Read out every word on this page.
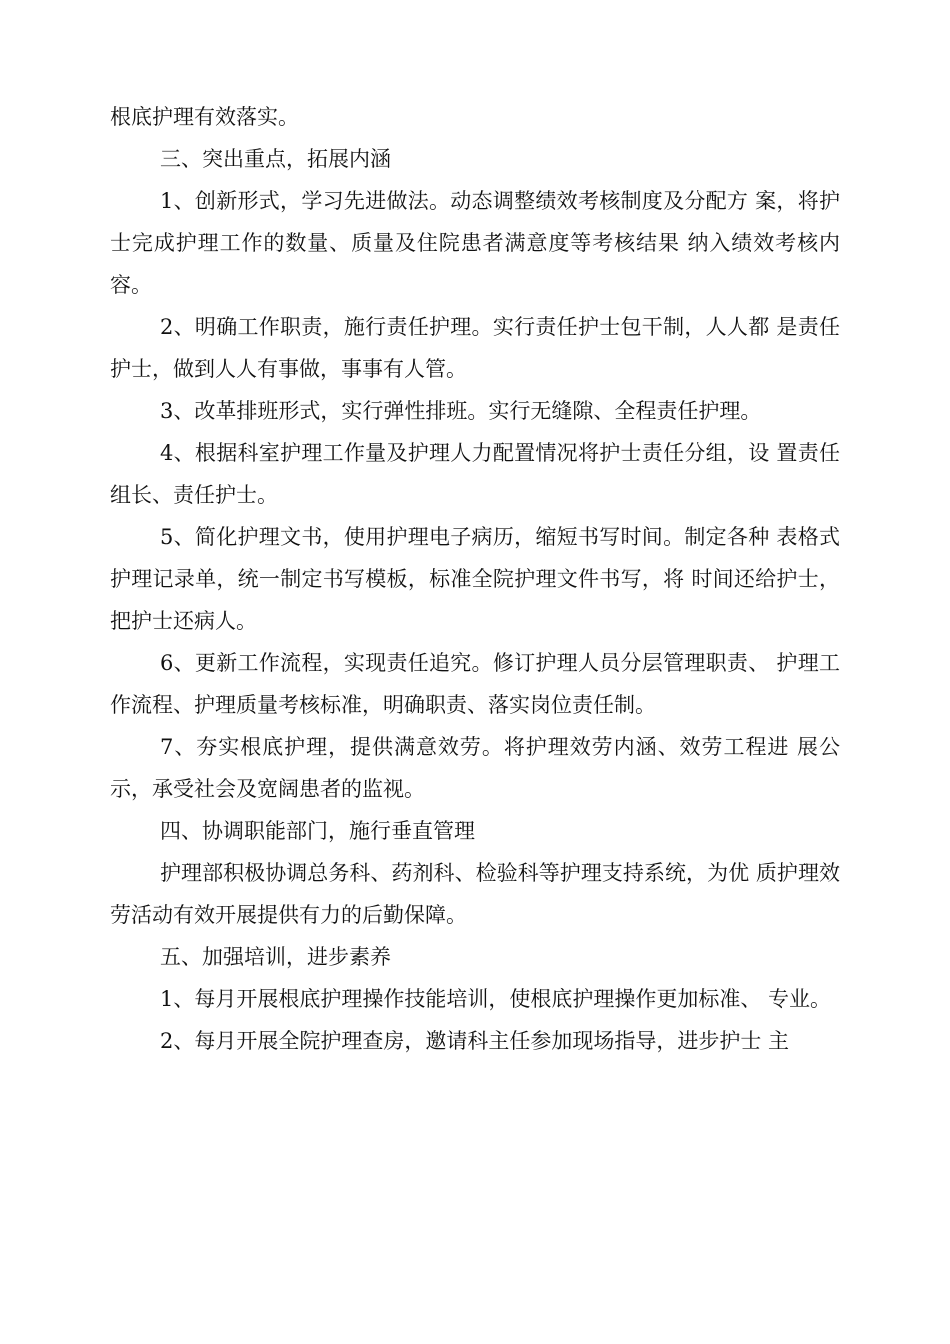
根底护理有效落实。

三、突出重点，拓展内涵

1、创新形式，学习先进做法。动态调整绩效考核制度及分配方 案，将护士完成护理工作的数量、质量及住院患者满意度等考核结果 纳入绩效考核内容。

2、明确工作职责，施行责任护理。实行责任护士包干制，人人都 是责任护士，做到人人有事做，事事有人管。

3、改革排班形式，实行弹性排班。实行无缝隙、全程责任护理。

4、根据科室护理工作量及护理人力配置情况将护士责任分组，设 置责任组长、责任护士。

5、简化护理文书，使用护理电子病历，缩短书写时间。制定各种 表格式护理记录单，统一制定书写模板，标准全院护理文件书写，将 时间还给护士，把护士还病人。

6、更新工作流程，实现责任追究。修订护理人员分层管理职责、 护理工作流程、护理质量考核标准，明确职责、落实岗位责任制。

7、夯实根底护理，提供满意效劳。将护理效劳内涵、效劳工程进 展公示，承受社会及宽阔患者的监视。

四、协调职能部门，施行垂直管理

护理部积极协调总务科、药剂科、检验科等护理支持系统，为优 质护理效劳活动有效开展提供有力的后勤保障。

五、加强培训，进步素养

1、每月开展根底护理操作技能培训，使根底护理操作更加标准、 专业。

2、每月开展全院护理查房，邀请科主任参加现场指导，进步护士 主
